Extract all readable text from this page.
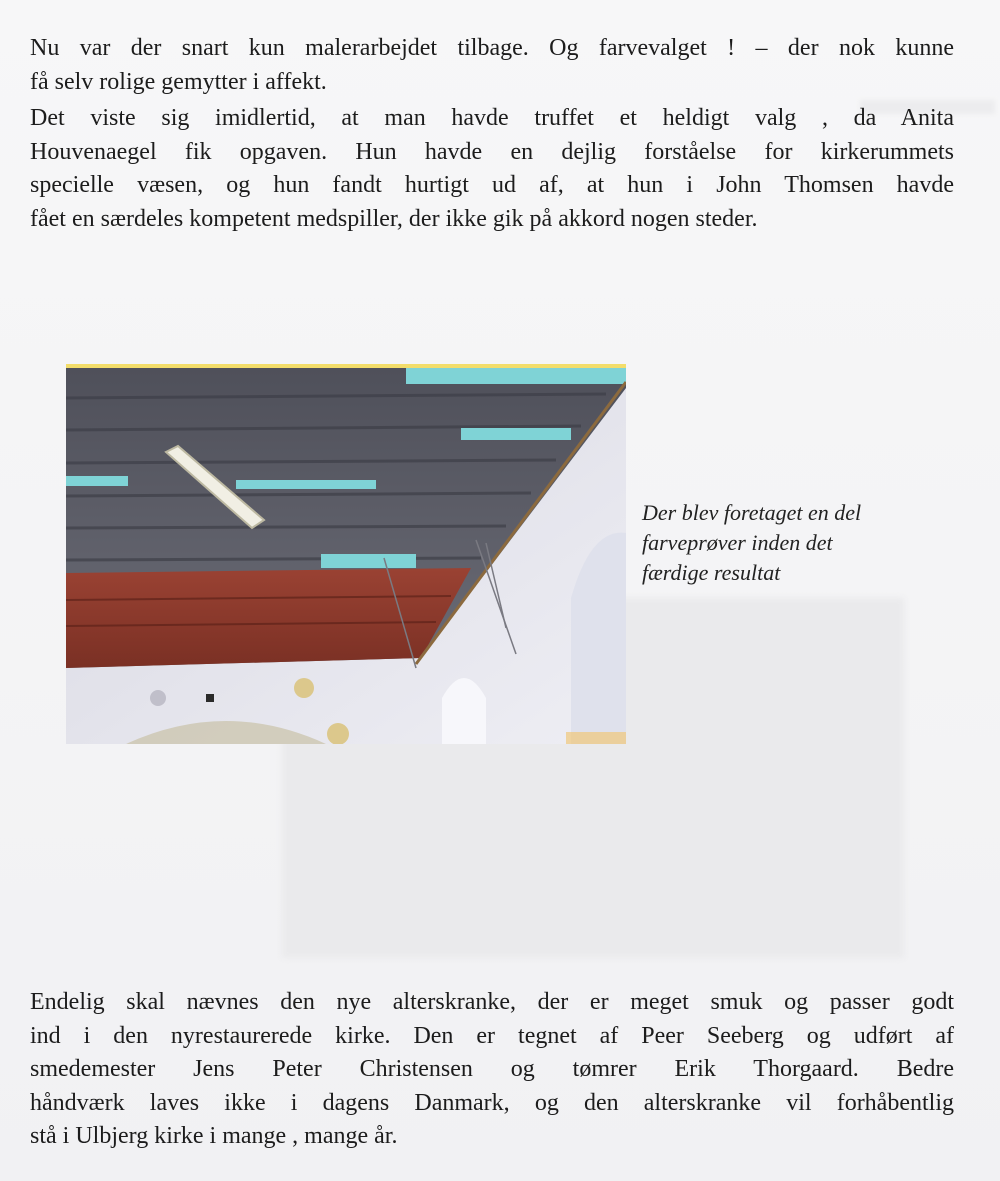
Nu var der snart kun malerarbejdet tilbage. Og farvevalget ! – der nok kunne
få selv rolige gemytter i affekt.

Det viste sig imidlertid, at man havde truffet et heldigt valg , da Anita
Houvenaegel fik opgaven. Hun havde en dejlig forståelse for kirkerummets
specielle væsen, og hun fandt hurtigt ud af, at hun i John Thomsen havde
fået en særdeles kompetent medspiller, der ikke gik på akkord nogen steder.

Der blev foretaget en del
farveprøver inden det
færdige resultat

Endelig skal nævnes den nye alterskranke, der er meget smuk og passer godt
ind i den nyrestaurerede kirke. Den er tegnet af Peer Seeberg og udført af
smedemester Jens Peter Christensen og tømrer Erik Thorgaard. Bedre
håndværk laves ikke i dagens Danmark, og den alterskranke vil forhåbentlig
stå i Ulbjerg kirke i mange , mange år.
